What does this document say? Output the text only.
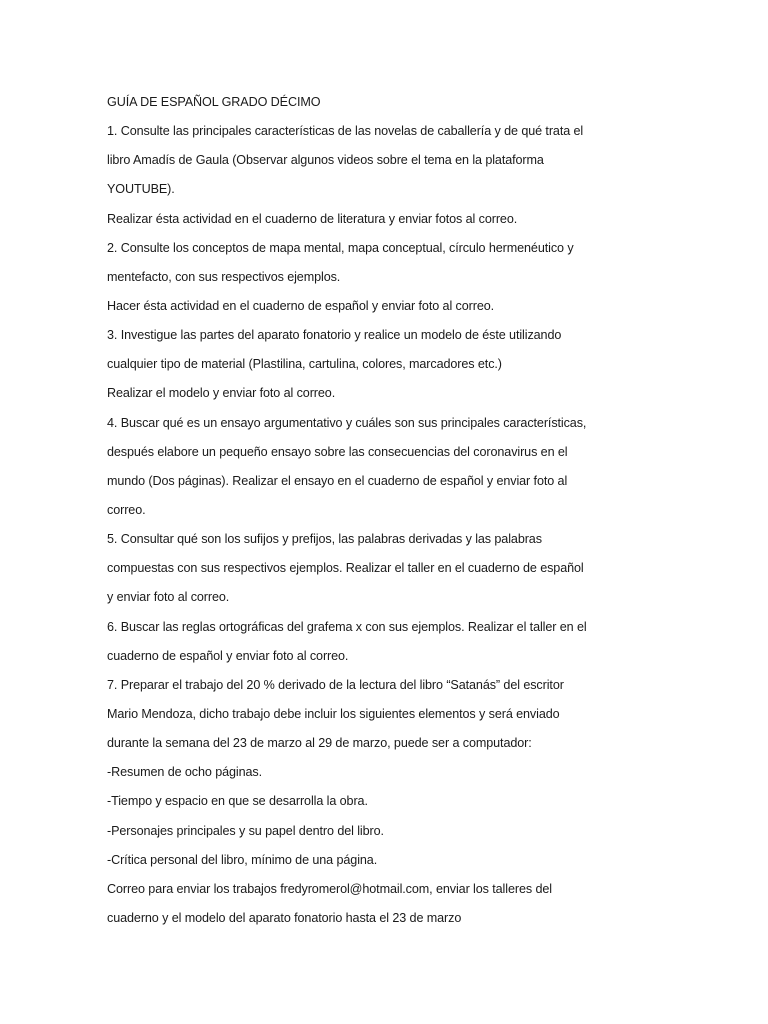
GUÍA DE ESPAÑOL GRADO DÉCIMO
1. Consulte las principales características de las novelas de caballería y de qué trata el
libro Amadís de Gaula (Observar algunos videos sobre el tema en la plataforma
YOUTUBE).
Realizar ésta actividad en el cuaderno de literatura y enviar fotos al correo.
2. Consulte los conceptos de mapa mental, mapa conceptual, círculo hermenéutico y
mentefacto, con sus respectivos ejemplos.
Hacer ésta actividad en el cuaderno de español y enviar foto al correo.
3. Investigue las partes del aparato fonatorio y realice un modelo de éste utilizando
cualquier tipo de material (Plastilina, cartulina, colores, marcadores etc.)
Realizar el modelo y enviar foto al correo.
4. Buscar qué es un ensayo argumentativo y cuáles son sus principales características,
después elabore un pequeño ensayo sobre las consecuencias del coronavirus en el
mundo (Dos páginas). Realizar el ensayo en el cuaderno de español y enviar foto al
correo.
5. Consultar qué son los sufijos y prefijos, las palabras derivadas y las palabras
compuestas con sus respectivos ejemplos. Realizar el taller en el cuaderno de español
y enviar foto al correo.
6. Buscar las reglas ortográficas del grafema x con sus ejemplos. Realizar el taller en el
cuaderno de español y enviar foto al correo.
7. Preparar el trabajo del 20 % derivado de la lectura del libro “Satanás” del escritor
Mario Mendoza, dicho trabajo debe incluir los siguientes elementos y será enviado
durante la semana del 23 de marzo al 29 de marzo, puede ser a computador:
-Resumen de ocho páginas.
-Tiempo y espacio en que se desarrolla la obra.
-Personajes principales y su papel dentro del libro.
-Crítica personal del libro, mínimo de una página.
Correo para enviar los trabajos fredyromerol@hotmail.com, enviar los talleres del
cuaderno y el modelo del aparato fonatorio hasta el 23 de marzo
